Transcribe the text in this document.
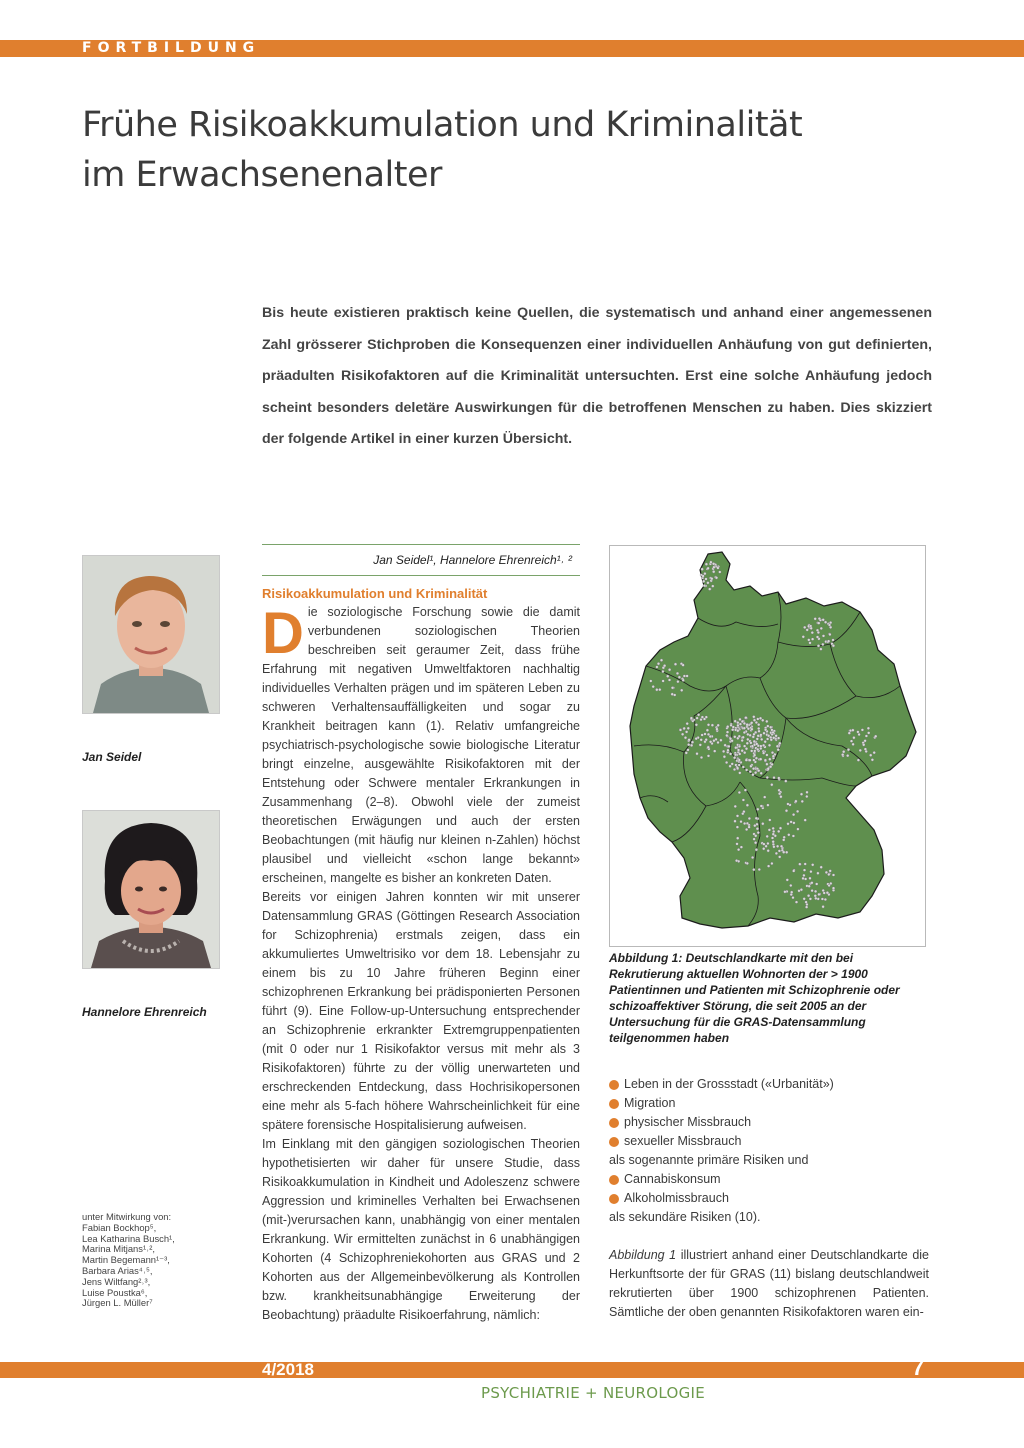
FORTBILDUNG
Frühe Risikoakkumulation und Kriminalität
im Erwachsenenalter
Bis heute existieren praktisch keine Quellen, die systematisch und anhand einer angemessenen Zahl grösserer Stichproben die Konsequenzen einer individuellen Anhäufung von gut definierten, präadulten Risikofaktoren auf die Kriminalität untersuchten. Erst eine solche Anhäufung jedoch scheint besonders deletäre Auswirkungen für die betroffenen Menschen zu haben. Dies skizziert der folgende Artikel in einer kurzen Übersicht.
Jan Seidel
Hannelore Ehrenreich
unter Mitwirkung von:
Fabian Bockhop⁵,
Lea Katharina Busch¹,
Marina Mitjans¹˒²,
Martin Begemann¹⁻³,
Barbara Arias⁴˒⁵,
Jens Wiltfang²˒³,
Luise Poustka⁶,
Jürgen L. Müller⁷
Jan Seidel¹, Hannelore Ehrenreich¹˒ ²
Risikoakkumulation und Kriminalität

Die soziologische Forschung sowie die damit verbundenen soziologischen Theorien beschreiben seit geraumer Zeit, dass frühe Erfahrung mit negativen Umweltfaktoren nachhaltig individuelles Verhalten prägen und im späteren Leben zu schweren Verhaltensauffälligkeiten und sogar zu Krankheit beitragen kann (1). Relativ umfangreiche psychiatrisch-psychologische sowie biologische Literatur bringt einzelne, ausgewählte Risikofaktoren mit der Entstehung oder Schwere mentaler Erkrankungen in Zusammenhang (2–8). Obwohl viele der zumeist theoretischen Erwägungen und auch der ersten Beobachtungen (mit häufig nur kleinen n-Zahlen) höchst plausibel und vielleicht «schon lange bekannt» erscheinen, mangelte es bisher an konkreten Daten.

Bereits vor einigen Jahren konnten wir mit unserer Datensammlung GRAS (Göttingen Research Association for Schizophrenia) erstmals zeigen, dass ein akkumuliertes Umweltrisiko vor dem 18. Lebensjahr zu einem bis zu 10 Jahre früheren Beginn einer schizophrenen Erkrankung bei prädisponierten Personen führt (9). Eine Follow-up-Untersuchung entsprechender an Schizophrenie erkrankter Extremgruppenpatienten (mit 0 oder nur 1 Risikofaktor versus mit mehr als 3 Risikofaktoren) führte zu der völlig unerwarteten und erschreckenden Entdeckung, dass Hochrisikopersonen eine mehr als 5-fach höhere Wahrscheinlichkeit für eine spätere forensische Hospitalisierung aufweisen.

Im Einklang mit den gängigen soziologischen Theorien hypothetisierten wir daher für unsere Studie, dass Risikoakkumulation in Kindheit und Adoleszenz schwere Aggression und kriminelles Verhalten bei Erwachsenen (mit-)verursachen kann, unabhängig von einer mentalen Erkrankung. Wir ermittelten zunächst in 6 unabhängigen Kohorten (4 Schizophreniekohorten aus GRAS und 2 Kohorten aus der Allgemeinbevölkerung als Kontrollen bzw. krankheitsunabhängige Erweiterung der Beobachtung) präadulte Risikoerfahrung, nämlich:

Abbildung 1: Deutschlandkarte mit den bei Rekrutierung aktuellen Wohnorten der > 1900 Patientinnen und Patienten mit Schizophrenie oder schizoaffektiver Störung, die seit 2005 an der Untersuchung für die GRAS-Datensammlung teilgenommen haben
Leben in der Grossstadt («Urbanität»)
Migration
physischer Missbrauch
sexueller Missbrauch
als sogenannte primäre Risiken und
Cannabiskonsum
Alkoholmissbrauch
als sekundäre Risiken (10).
Abbildung 1 illustriert anhand einer Deutschlandkarte die Herkunftsorte der für GRAS (11) bislang deutschlandweit rekrutierten über 1900 schizophrenen Patienten. Sämtliche der oben genannten Risikofaktoren waren ein-
4/2018	7
PSYCHIATRIE + NEUROLOGIE
